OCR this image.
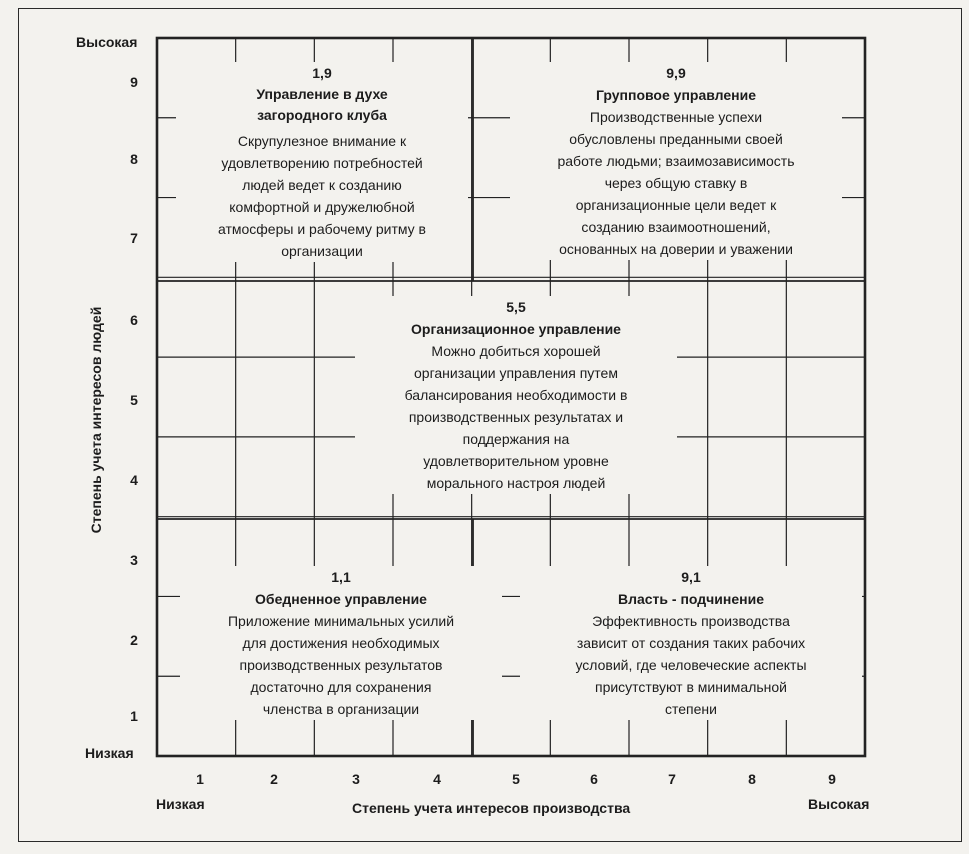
Высокая
Низкая
Степень учета интересов людей
1
2
3
4
5
6
7
8
9
1	2	3	4	5	6	7	8	9
Низкая	Степень учета интересов производства	Высокая
1,9
Управление в духе
загородного клуба
Скрупулезное внимание к
удовлетворению потребностей
людей ведет к созданию
комфортной и дружелюбной
атмосферы и рабочему ритму в
организации
9,9
Групповое управление
Производственные успехи
обусловлены преданными своей
работе людьми; взаимозависимость
через общую ставку в
организационные цели ведет к
созданию взаимоотношений,
основанных на доверии и уважении
5,5
Организационное управление
Можно добиться хорошей
организации управления путем
балансирования необходимости в
производственных результатах и
поддержания на
удовлетворительном уровне
морального настроя людей
1,1
Обедненное управление
Приложение минимальных усилий
для достижения необходимых
производственных результатов
достаточно для сохранения
членства в организации
9,1
Власть - подчинение
Эффективность производства
зависит от создания таких рабочих
условий, где человеческие аспекты
присутствуют в минимальной
степени
